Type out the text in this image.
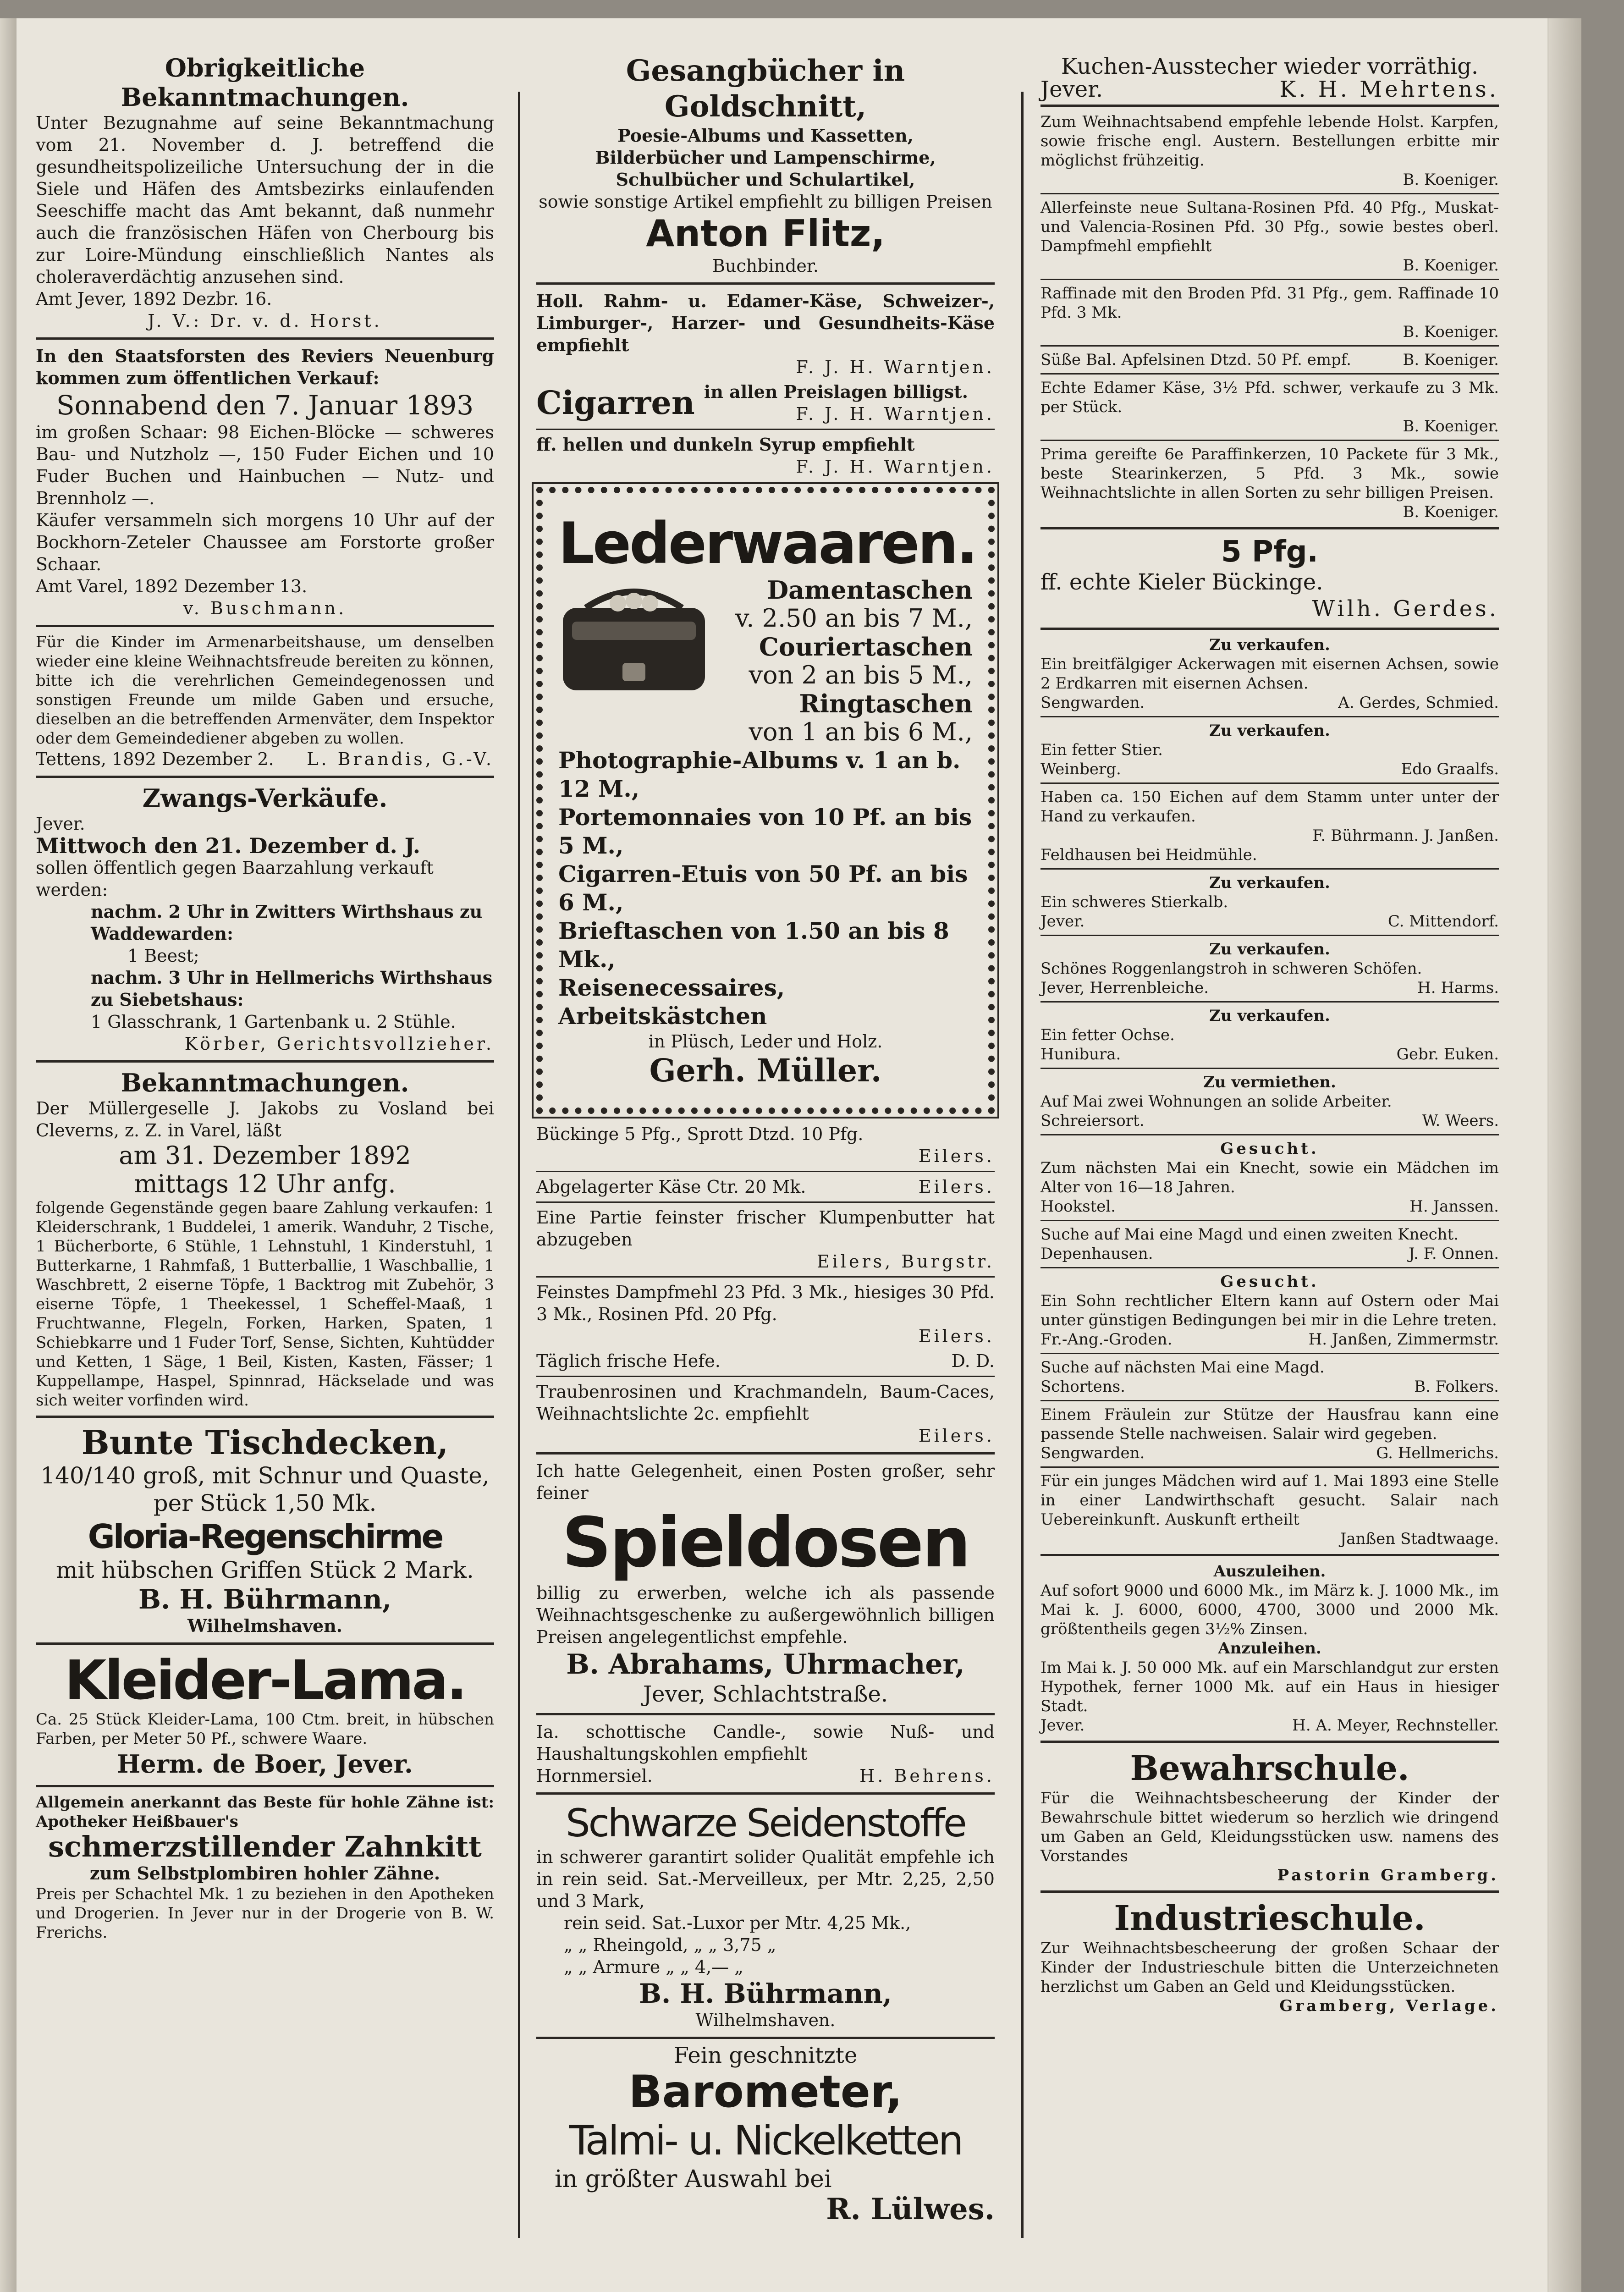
Obrigkeitliche Bekanntmachungen.

Unter Bezugnahme auf seine Bekanntmachung vom 21. November d. J. betreffend die gesundheitspolizeiliche Untersuchung der in die Siele und Häfen des Amtsbezirks einlaufenden Seeschiffe macht das Amt bekannt, daß nunmehr auch die französischen Häfen von Cherbourg bis zur Loire-Mündung einschließlich Nantes als choleraverdächtig anzusehen sind.

Amt Jever, 1892 Dezbr. 16.

J. V.: Dr. v. d. Horst.

In den Staatsforsten des Reviers Neuenburg kommen zum öffentlichen Verkauf:

Sonnabend den 7. Januar 1893

im großen Schaar: 98 Eichen-Blöcke — schweres Bau- und Nutzholz —, 150 Fuder Eichen und 10 Fuder Buchen und Hainbuchen — Nutz- und Brennholz —.

Käufer versammeln sich morgens 10 Uhr auf der Bockhorn-Zeteler Chaussee am Forstorte großer Schaar.

Amt Varel, 1892 Dezember 13.

v. Buschmann.

Für die Kinder im Armenarbeitshause, um denselben wieder eine kleine Weihnachtsfreude bereiten zu können, bitte ich die verehrlichen Gemeindegenossen und sonstigen Freunde um milde Gaben und ersuche, dieselben an die betreffenden Armenväter, dem Inspektor oder dem Gemeindediener abgeben zu wollen.

Tettens, 1892 Dezember 2. L. Brandis, G.-V.

Zwangs-Verkäufe.

Jever.

Mittwoch den 21. Dezember d. J.

sollen öffentlich gegen Baarzahlung verkauft werden:

nachm. 2 Uhr in Zwitters Wirthshaus zu Waddewarden:

1 Beest;

nachm. 3 Uhr in Hellmerichs Wirthshaus zu Siebetshaus:

1 Glasschrank, 1 Gartenbank u. 2 Stühle.

Körber, Gerichtsvollzieher.

Bekanntmachungen.

Der Müllergeselle J. Jakobs zu Vosland bei Cleverns, z. Z. in Varel, läßt

am 31. Dezember 1892

mittags 12 Uhr anfg.

folgende Gegenstände gegen baare Zahlung verkaufen: 1 Kleiderschrank, 1 Buddelei, 1 amerik. Wanduhr, 2 Tische, 1 Bücherborte, 6 Stühle, 1 Lehnstuhl, 1 Kinderstuhl, 1 Butterkarne, 1 Rahmfaß, 1 Butterballie, 1 Waschballie, 1 Waschbrett, 2 eiserne Töpfe, 1 Backtrog mit Zubehör, 3 eiserne Töpfe, 1 Theekessel, 1 Scheffel-Maaß, 1 Fruchtwanne, Flegeln, Forken, Harken, Spaten, 1 Schiebkarre und 1 Fuder Torf, Sense, Sichten, Kuhtüdder und Ketten, 1 Säge, 1 Beil, Kisten, Kasten, Fässer; 1 Kuppellampe, Haspel, Spinnrad, Häckselade und was sich weiter vorfinden wird.

Bunte Tischdecken,

140/140 groß, mit Schnur und Quaste,

per Stück 1,50 Mk.

Gloria-Regenschirme

mit hübschen Griffen Stück 2 Mark.

B. H. Bührmann,

Wilhelmshaven.

Kleider-Lama.

Ca. 25 Stück Kleider-Lama, 100 Ctm. breit, in hübschen Farben, per Meter 50 Pf., schwere Waare.

Herm. de Boer, Jever.

Allgemein anerkannt das Beste für hohle Zähne ist: Apotheker Heißbauer's

schmerzstillender Zahnkitt

zum Selbstplombiren hohler Zähne.

Preis per Schachtel Mk. 1 zu beziehen in den Apotheken und Drogerien. In Jever nur in der Drogerie von B. W. Frerichs.

Gesangbücher in Goldschnitt,

Poesie-Albums und Kassetten,

Bilderbücher und Lampenschirme,

Schulbücher und Schulartikel,

sowie sonstige Artikel empfiehlt zu billigen Preisen

Anton Flitz,

Buchbinder.

Holl. Rahm- u. Edamer-Käse, Schweizer-, Limburger-, Harzer- und Gesundheits-Käse empfiehlt

F. J. H. Warntjen.

Cigarren in allen Preislagen billigst.
F. J. H. Warntjen.

ff. hellen und dunkeln Syrup empfiehlt

F. J. H. Warntjen.

Lederwaaren.

Damentaschen

v. 2.50 an bis 7 M.,

Couriertaschen

von 2 an bis 5 M.,

Ringtaschen

von 1 an bis 6 M.,

Photographie-Albums v. 1 an b. 12 M.,

Portemonnaies von 10 Pf. an bis 5 M.,

Cigarren-Etuis von 50 Pf. an bis 6 M.,

Brieftaschen von 1.50 an bis 8 Mk.,

Reisenecessaires, Arbeitskästchen

in Plüsch, Leder und Holz.

Gerh. Müller.

Bückinge 5 Pfg., Sprott Dtzd. 10 Pfg.

Eilers.

Abgelagerter Käse Ctr. 20 Mk.	Eilers.

Eine Partie feinster frischer Klumpenbutter hat abzugeben

Eilers, Burgstr.

Feinstes Dampfmehl 23 Pfd. 3 Mk., hiesiges 30 Pfd. 3 Mk., Rosinen Pfd. 20 Pfg.

Eilers.

Täglich frische Hefe.	D. D.

Traubenrosinen und Krachmandeln, Baum-Caces, Weihnachtslichte 2c. empfiehlt

Eilers.

Ich hatte Gelegenheit, einen Posten großer, sehr feiner

Spieldosen

billig zu erwerben, welche ich als passende Weihnachtsgeschenke zu außergewöhnlich billigen Preisen angelegentlichst empfehle.

B. Abrahams, Uhrmacher,

Jever, Schlachtstraße.

Ia. schottische Candle-, sowie Nuß- und Haushaltungskohlen empfiehlt

Hornmersiel.	H. Behrens.

Schwarze Seidenstoffe

in schwerer garantirt solider Qualität empfehle ich in rein seid. Sat.-Merveilleux, per Mtr. 2,25, 2,50 und 3 Mark,

rein seid. Sat.-Luxor per Mtr. 4,25 Mk.,

„ „ Rheingold, „ „ 3,75 „

„ „ Armure „ „ 4,— „

B. H. Bührmann,

Wilhelmshaven.

Fein geschnitzte

Barometer,

Talmi- u. Nickelketten

in größter Auswahl bei

R. Lülwes.

Kuchen-Ausstecher wieder vorräthig.

Jever.	K. H. Mehrtens.

Zum Weihnachtsabend empfehle lebende Holst. Karpfen, sowie frische engl. Austern. Bestellungen erbitte mir möglichst frühzeitig.

B. Koeniger.

Allerfeinste neue Sultana-Rosinen Pfd. 40 Pfg., Muskat- und Valencia-Rosinen Pfd. 30 Pfg., sowie bestes oberl. Dampfmehl empfiehlt

B. Koeniger.

Raffinade mit den Broden Pfd. 31 Pfg., gem. Raffinade 10 Pfd. 3 Mk.

B. Koeniger.

Süße Bal. Apfelsinen Dtzd. 50 Pf. empf.	B. Koeniger.

Echte Edamer Käse, 3½ Pfd. schwer, verkaufe zu 3 Mk. per Stück.

B. Koeniger.

Prima gereifte 6e Paraffinkerzen, 10 Packete für 3 Mk., beste Stearinkerzen, 5 Pfd. 3 Mk., sowie Weihnachtslichte in allen Sorten zu sehr billigen Preisen.

B. Koeniger.

5 Pfg.

ff. echte Kieler Bückinge.

Wilh. Gerdes.

Zu verkaufen.

Ein breitfälgiger Ackerwagen mit eisernen Achsen, sowie 2 Erdkarren mit eisernen Achsen.

Sengwarden.	A. Gerdes, Schmied.

Zu verkaufen.

Ein fetter Stier.

Weinberg.	Edo Graalfs.

Haben ca. 150 Eichen auf dem Stamm unter unter der Hand zu verkaufen.

F. Bührmann. J. Janßen.

Feldhausen bei Heidmühle.

Zu verkaufen.

Ein schweres Stierkalb.

Jever.	C. Mittendorf.

Zu verkaufen.

Schönes Roggenlangstroh in schweren Schöfen.

Jever, Herrenbleiche.	H. Harms.

Zu verkaufen.

Ein fetter Ochse.

Hunibura.	Gebr. Euken.

Zu vermiethen.

Auf Mai zwei Wohnungen an solide Arbeiter.

Schreiersort.	W. Weers.

Gesucht.

Zum nächsten Mai ein Knecht, sowie ein Mädchen im Alter von 16—18 Jahren.

Hookstel.	H. Janssen.

Suche auf Mai eine Magd und einen zweiten Knecht.

Depenhausen.	J. F. Onnen.

Gesucht.

Ein Sohn rechtlicher Eltern kann auf Ostern oder Mai unter günstigen Bedingungen bei mir in die Lehre treten.

Fr.-Ang.-Groden.	H. Janßen, Zimmermstr.

Suche auf nächsten Mai eine Magd.

Schortens.	B. Folkers.

Einem Fräulein zur Stütze der Hausfrau kann eine passende Stelle nachweisen. Salair wird gegeben.

Sengwarden.	G. Hellmerichs.

Für ein junges Mädchen wird auf 1. Mai 1893 eine Stelle in einer Landwirthschaft gesucht. Salair nach Uebereinkunft. Auskunft ertheilt

Janßen Stadtwaage.

Auszuleihen.

Auf sofort 9000 und 6000 Mk., im März k. J. 1000 Mk., im Mai k. J. 6000, 6000, 4700, 3000 und 2000 Mk. größtentheils gegen 3½% Zinsen.

Anzuleihen.

Im Mai k. J. 50 000 Mk. auf ein Marschlandgut zur ersten Hypothek, ferner 1000 Mk. auf ein Haus in hiesiger Stadt.

Jever.	H. A. Meyer, Rechnsteller.

Bewahrschule.

Für die Weihnachtsbescheerung der Kinder der Bewahrschule bittet wiederum so herzlich wie dringend um Gaben an Geld, Kleidungsstücken usw. namens des Vorstandes

Pastorin Gramberg.

Industrieschule.

Zur Weihnachtsbescheerung der großen Schaar der Kinder der Industrieschule bitten die Unterzeichneten herzlichst um Gaben an Geld und Kleidungsstücken.

Gramberg, Verlage.
